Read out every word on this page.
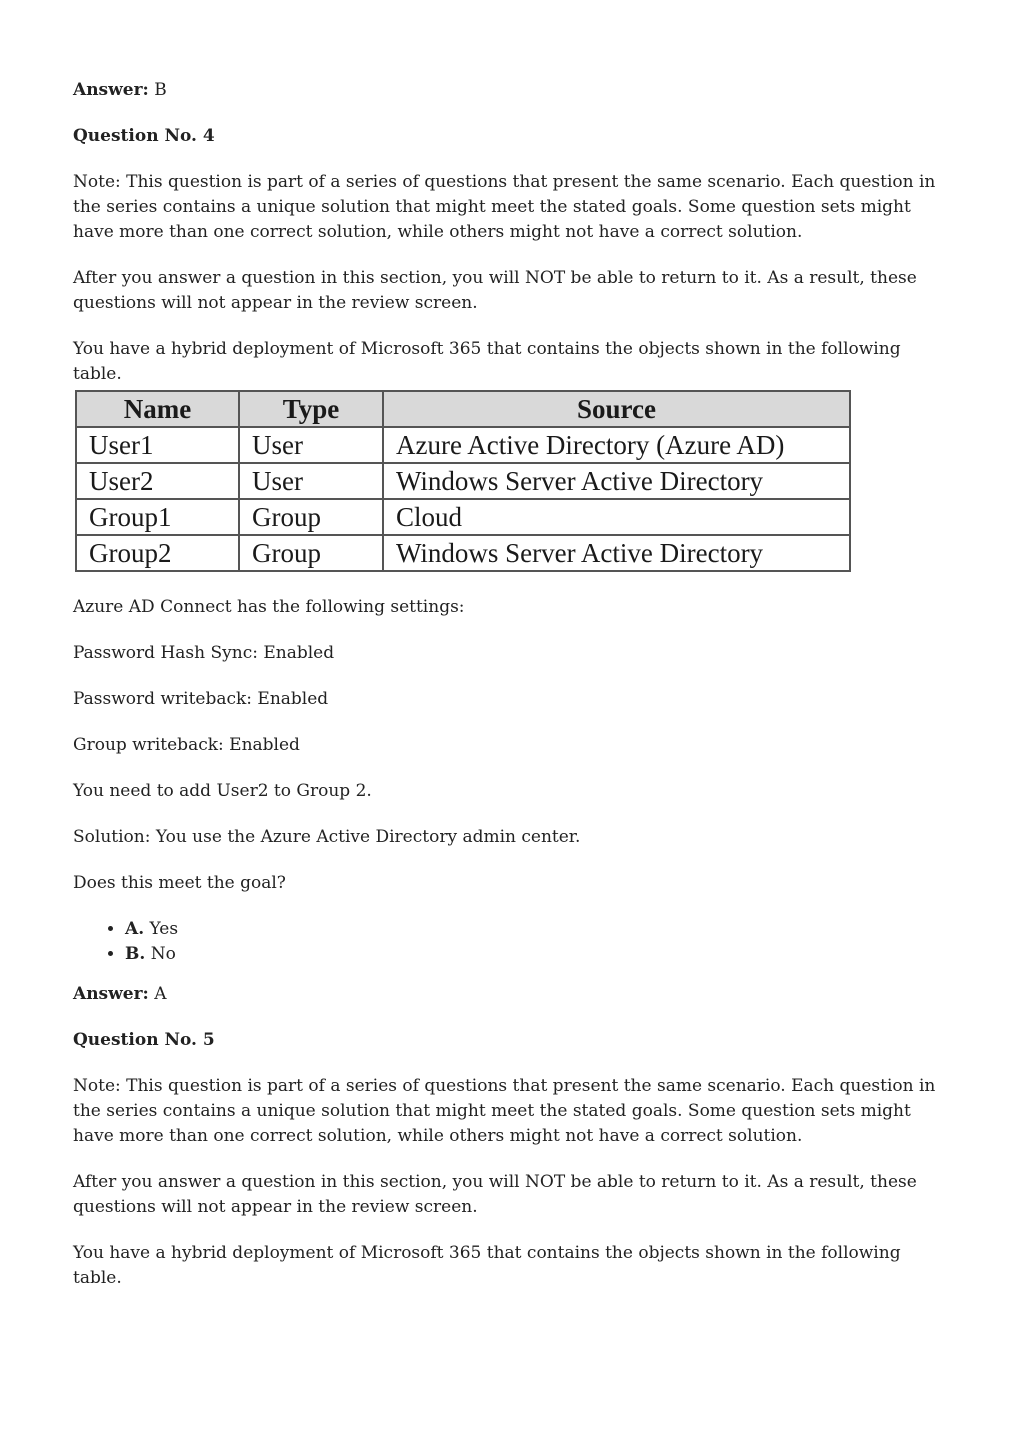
Answer: B

Question No. 4

Note: This question is part of a series of questions that present the same scenario. Each question in the series contains a unique solution that might meet the stated goals. Some question sets might have more than one correct solution, while others might not have a correct solution.

After you answer a question in this section, you will NOT be able to return to it. As a result, these questions will not appear in the review screen.

You have a hybrid deployment of Microsoft 365 that contains the objects shown in the following table.

Name	Type	Source
User1	User	Azure Active Directory (Azure AD)
User2	User	Windows Server Active Directory
Group1	Group	Cloud
Group2	Group	Windows Server Active Directory

Azure AD Connect has the following settings:

Password Hash Sync: Enabled

Password writeback: Enabled

Group writeback: Enabled

You need to add User2 to Group 2.

Solution: You use the Azure Active Directory admin center.

Does this meet the goal?

• A. Yes
• B. No

Answer: A

Question No. 5

Note: This question is part of a series of questions that present the same scenario. Each question in the series contains a unique solution that might meet the stated goals. Some question sets might have more than one correct solution, while others might not have a correct solution.

After you answer a question in this section, you will NOT be able to return to it. As a result, these questions will not appear in the review screen.

You have a hybrid deployment of Microsoft 365 that contains the objects shown in the following table.
